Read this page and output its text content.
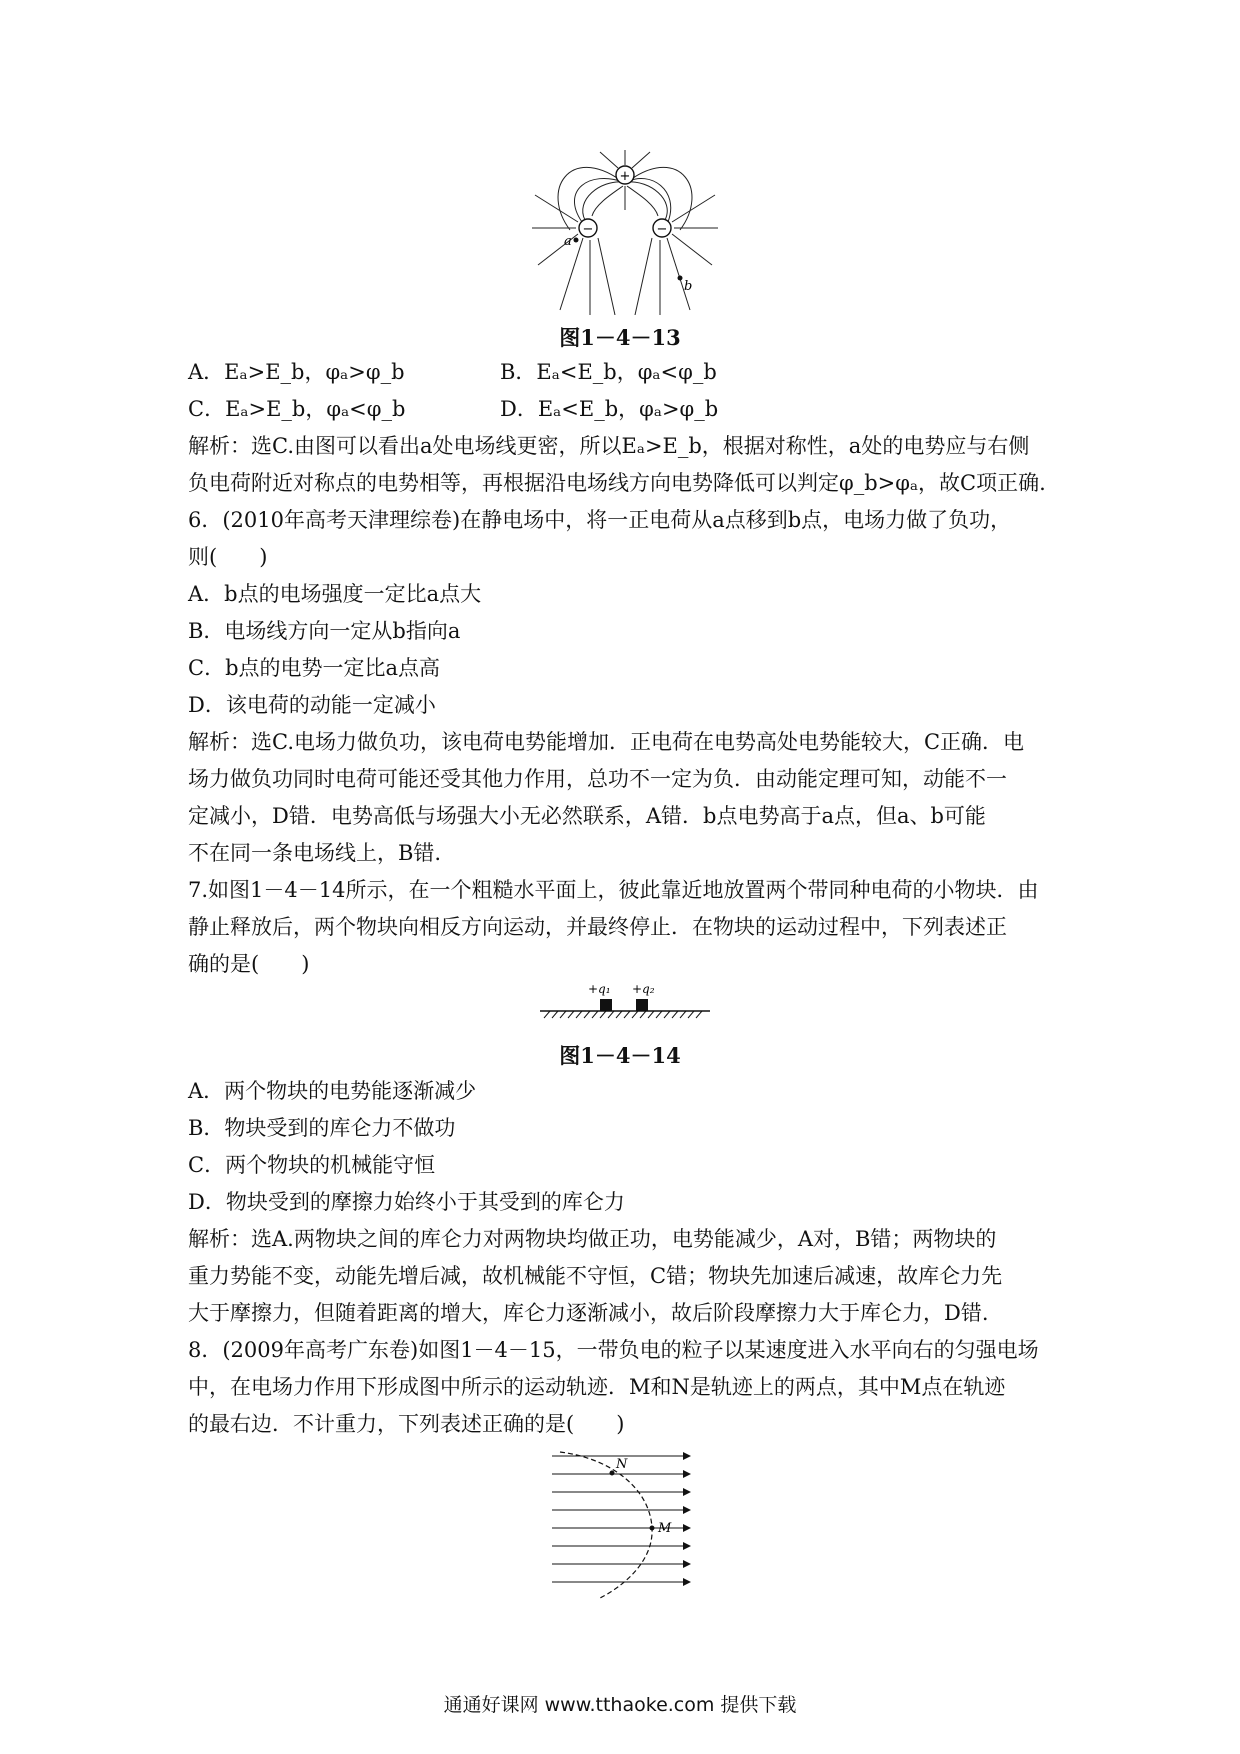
+
−	−
a
b
图1－4－13
A．Eₐ>E_b，φₐ>φ_b	B．Eₐ<E_b，φₐ<φ_b
C．Eₐ>E_b，φₐ<φ_b	D．Eₐ<E_b，φₐ>φ_b
解析：选C.由图可以看出a处电场线更密，所以Eₐ>E_b，根据对称性，a处的电势应与右侧
负电荷附近对称点的电势相等，再根据沿电场线方向电势降低可以判定φ_b>φₐ，故C项正确.
6．(2010年高考天津理综卷)在静电场中，将一正电荷从a点移到b点，电场力做了负功，
则(　　)
A．b点的电场强度一定比a点大
B．电场线方向一定从b指向a
C．b点的电势一定比a点高
D．该电荷的动能一定减小
解析：选C.电场力做负功，该电荷电势能增加．正电荷在电势高处电势能较大，C正确．电
场力做负功同时电荷可能还受其他力作用，总功不一定为负．由动能定理可知，动能不一
定减小，D错．电势高低与场强大小无必然联系，A错．b点电势高于a点，但a、b可能
不在同一条电场线上，B错.
7.如图1－4－14所示，在一个粗糙水平面上，彼此靠近地放置两个带同种电荷的小物块．由
静止释放后，两个物块向相反方向运动，并最终停止．在物块的运动过程中，下列表述正
确的是(　　)
+q₁ +q₂
图1－4－14
A．两个物块的电势能逐渐减少
B．物块受到的库仑力不做功
C．两个物块的机械能守恒
D．物块受到的摩擦力始终小于其受到的库仑力
解析：选A.两物块之间的库仑力对两物块均做正功，电势能减少，A对，B错；两物块的
重力势能不变，动能先增后减，故机械能不守恒，C错；物块先加速后减速，故库仑力先
大于摩擦力，但随着距离的增大，库仑力逐渐减小，故后阶段摩擦力大于库仑力，D错.
8．(2009年高考广东卷)如图1－4－15，一带负电的粒子以某速度进入水平向右的匀强电场
中，在电场力作用下形成图中所示的运动轨迹．M和N是轨迹上的两点，其中M点在轨迹
的最右边．不计重力，下列表述正确的是(　　)
N
M
通通好课网 www.tthaoke.com 提供下载
